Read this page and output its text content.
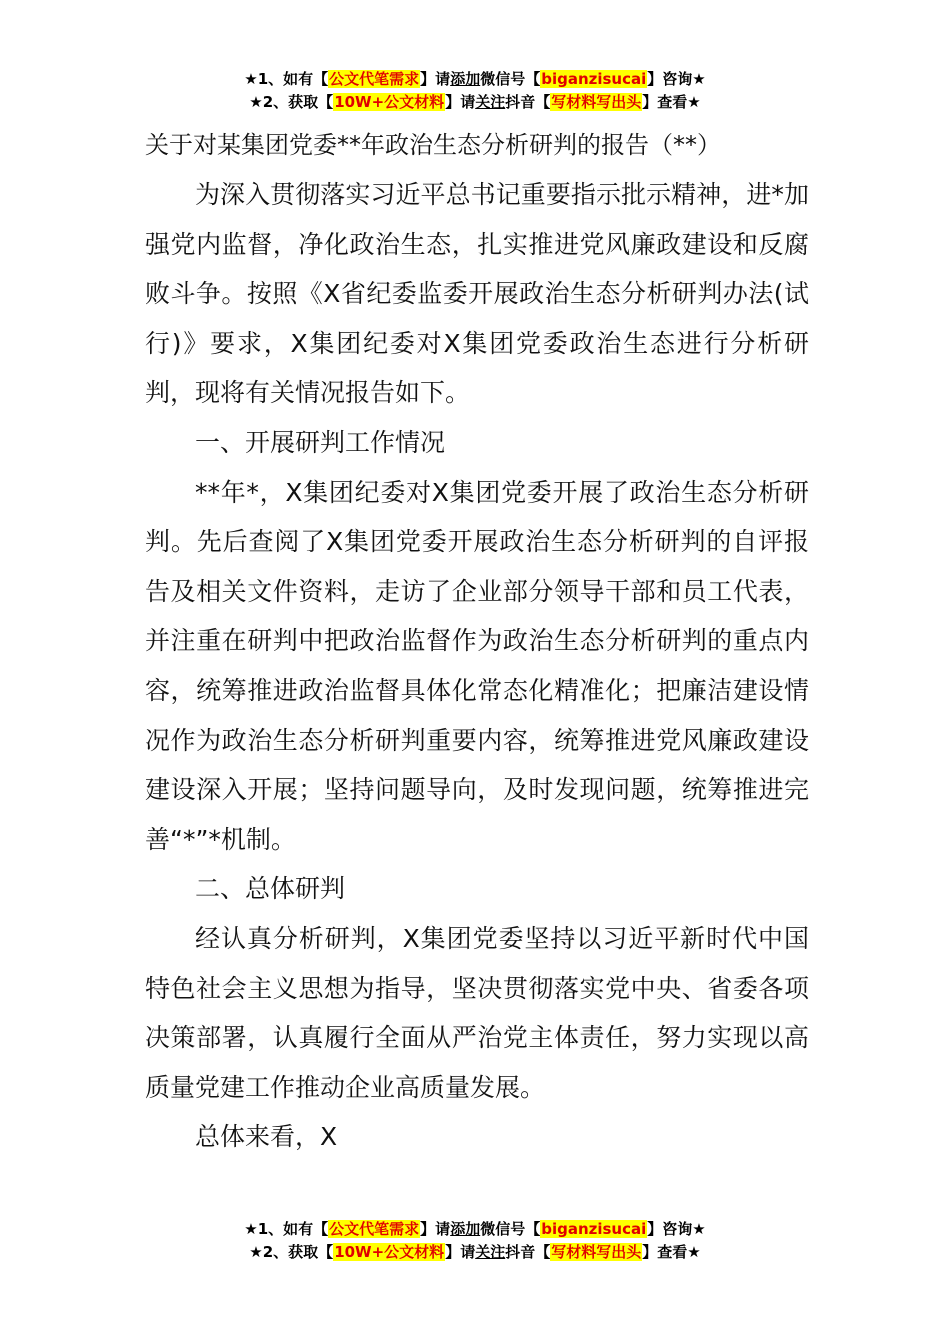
★1、如有【公文代笔需求】请添加微信号【biganzisucai】咨询★
★2、获取【10W+公文材料】请关注抖音【写材料写出头】查看★
关于对某集团党委**年政治生态分析研判的报告（**）

为深入贯彻落实习近平总书记重要指示批示精神，进*加强党内监督，净化政治生态，扎实推进党风廉政建设和反腐败斗争。按照《X省纪委监委开展政治生态分析研判办法(试行)》要求，X集团纪委对X集团党委政治生态进行分析研判，现将有关情况报告如下。

一、开展研判工作情况

**年*，X集团纪委对X集团党委开展了政治生态分析研判。先后查阅了X集团党委开展政治生态分析研判的自评报告及相关文件资料，走访了企业部分领导干部和员工代表，并注重在研判中把政治监督作为政治生态分析研判的重点内容，统筹推进政治监督具体化常态化精准化；把廉洁建设情况作为政治生态分析研判重要内容，统筹推进党风廉政建设建设深入开展；坚持问题导向，及时发现问题，统筹推进完善“*”*机制。

二、总体研判

经认真分析研判，X集团党委坚持以习近平新时代中国特色社会主义思想为指导，坚决贯彻落实党中央、省委各项决策部署，认真履行全面从严治党主体责任，努力实现以高质量党建工作推动企业高质量发展。

总体来看，X

★1、如有【公文代笔需求】请添加微信号【biganzisucai】咨询★
★2、获取【10W+公文材料】请关注抖音【写材料写出头】查看★
